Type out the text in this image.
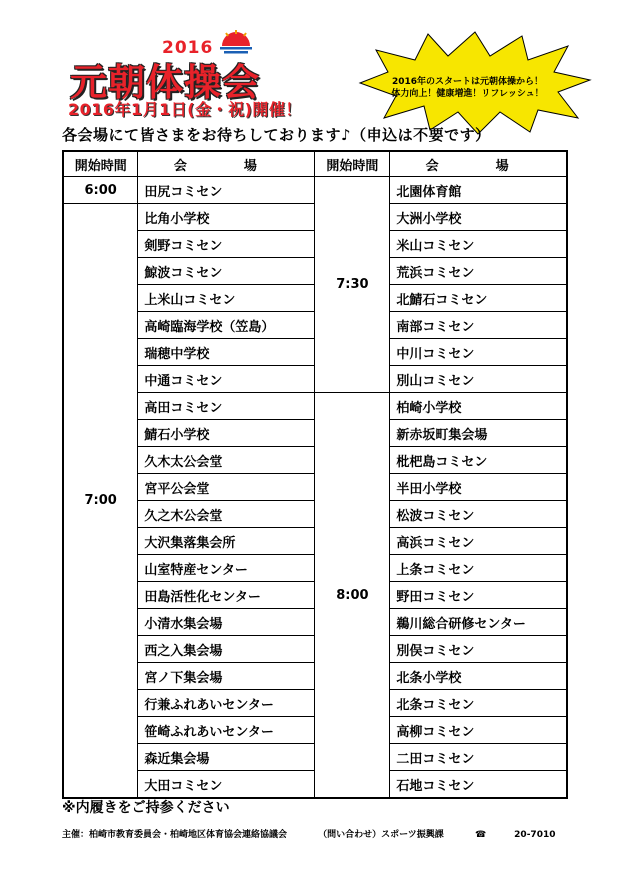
2016
元朝体操会
2016年1月1日(金・祝)開催！
2016年のスタートは元朝体操から！
体力向上！健康増進！リフレッシュ！
各会場にて皆さまをお待ちしております♪（申込は不要です）
開始時間	会　場	開始時間	会　場
6:00	田尻コミセン	7:30	北園体育館
7:00	比角小学校		大洲小学校
	剣野コミセン		米山コミセン
	鯨波コミセン		荒浜コミセン
	上米山コミセン		北鯖石コミセン
	高崎臨海学校（笠島）		南部コミセン
	瑞穂中学校		中川コミセン
	中通コミセン		別山コミセン
	高田コミセン	8:00	柏崎小学校
	鯖石小学校		新赤坂町集会場
	久木太公会堂		枇杷島コミセン
	宮平公会堂		半田小学校
	久之木公会堂		松波コミセン
	大沢集落集会所		高浜コミセン
	山室特産センター		上条コミセン
	田島活性化センター		野田コミセン
	小清水集会場		鵜川総合研修センター
	西之入集会場		別俣コミセン
	宮ノ下集会場		北条小学校
	行兼ふれあいセンター		北条コミセン
	笹崎ふれあいセンター		高柳コミセン
	森近集会場		二田コミセン
	大田コミセン		石地コミセン
※内履きをご持参ください
主催：柏崎市教育委員会・柏崎地区体育協会連絡協議会	（問い合わせ）スポーツ振興課	☎	20-7010
